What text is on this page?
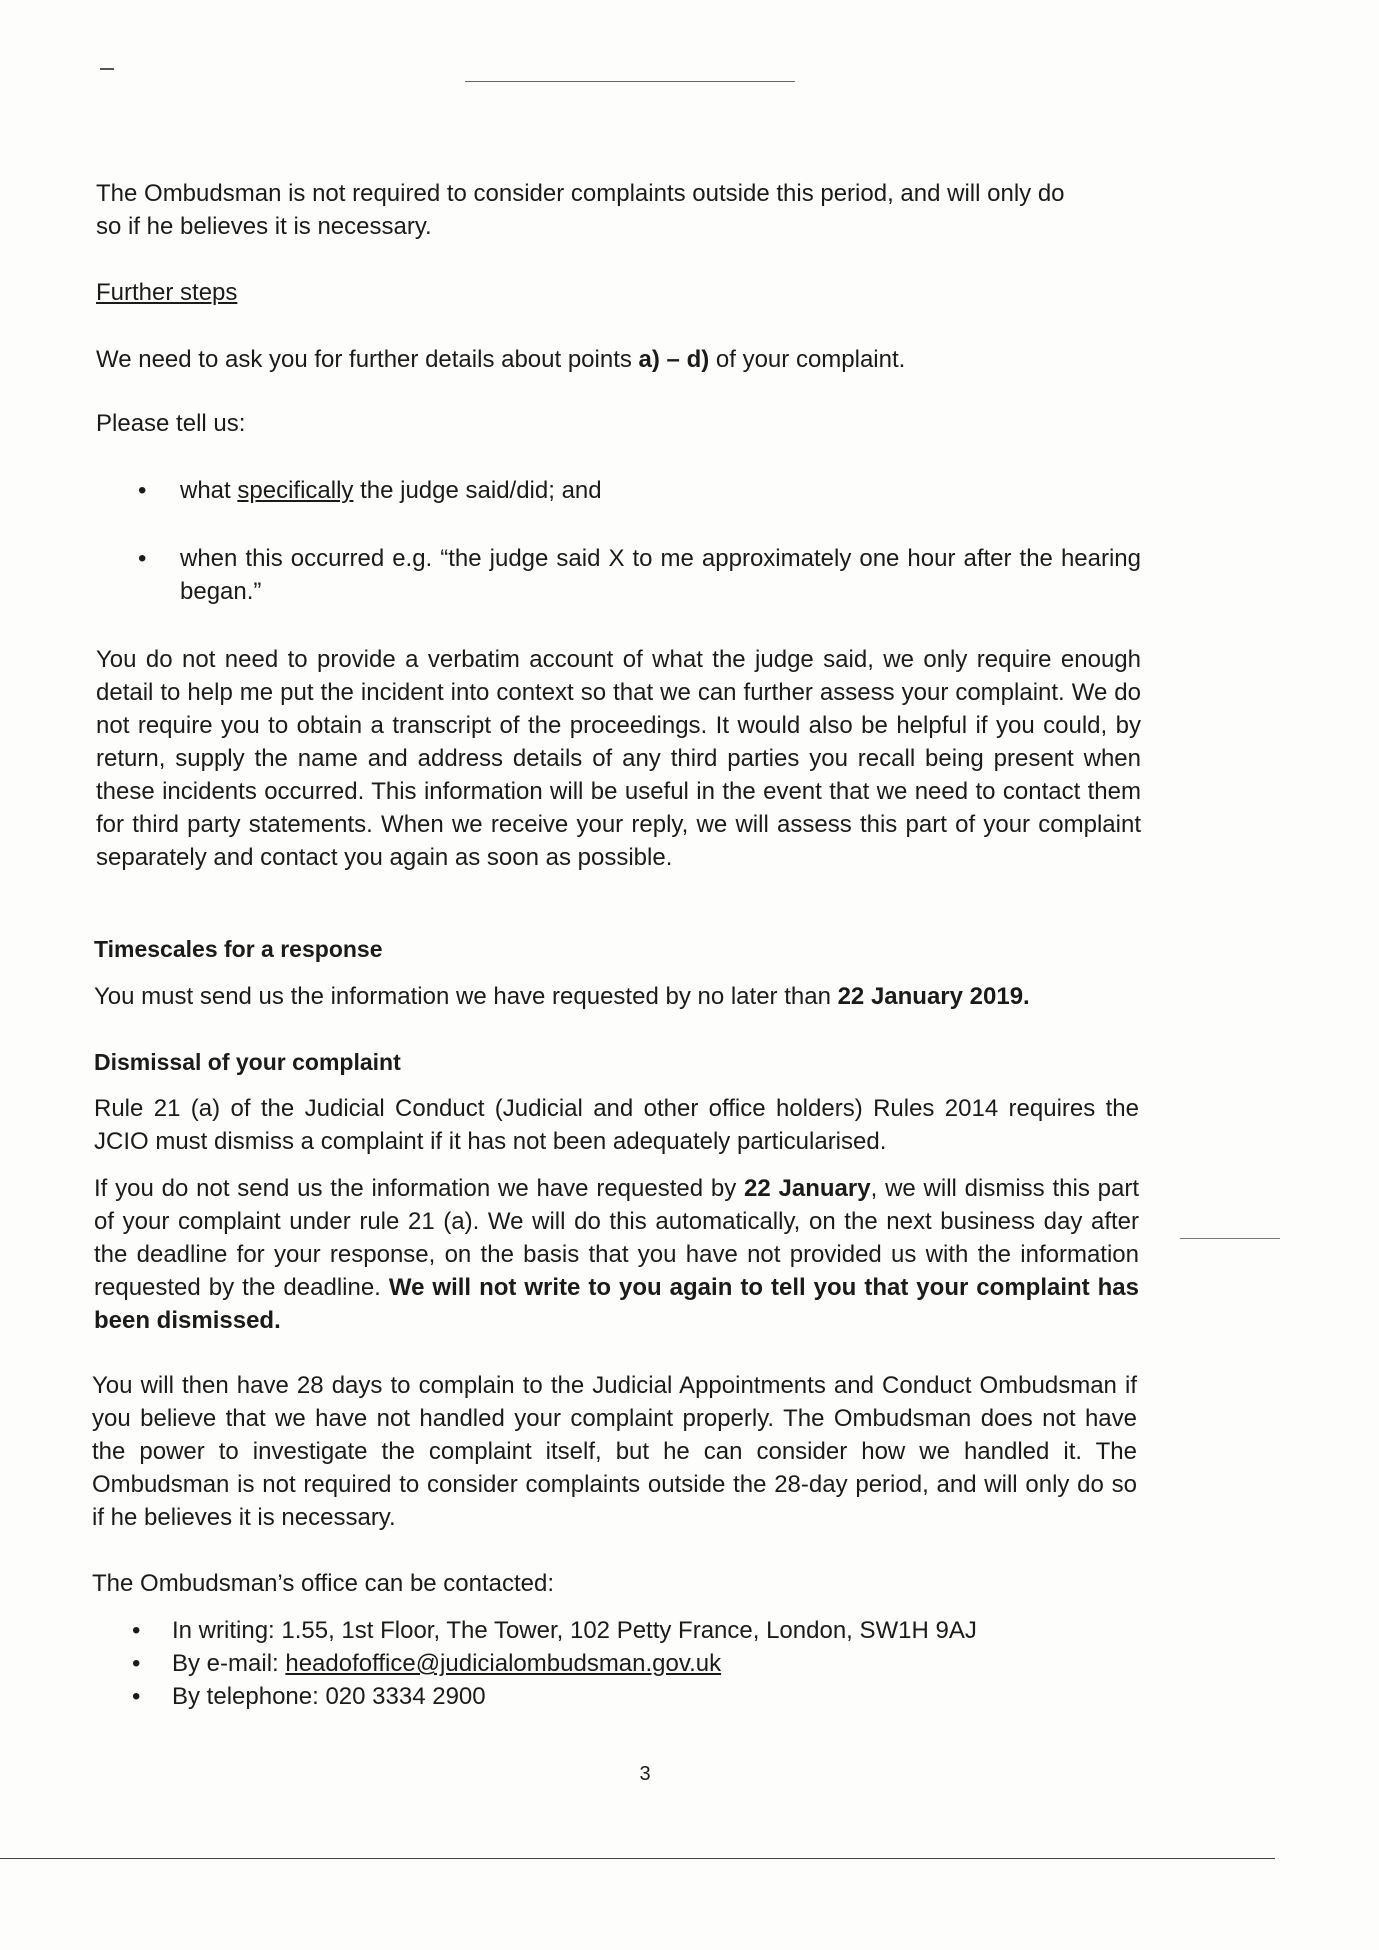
The Ombudsman is not required to consider complaints outside this period, and will only do so if he believes it is necessary.
Further steps
We need to ask you for further details about points a) – d) of your complaint.
Please tell us:
• what specifically the judge said/did; and
• when this occurred e.g. “the judge said X to me approximately one hour after the hearing began.”
You do not need to provide a verbatim account of what the judge said, we only require enough detail to help me put the incident into context so that we can further assess your complaint. We do not require you to obtain a transcript of the proceedings. It would also be helpful if you could, by return, supply the name and address details of any third parties you recall being present when these incidents occurred. This information will be useful in the event that we need to contact them for third party statements. When we receive your reply, we will assess this part of your complaint separately and contact you again as soon as possible.
Timescales for a response
You must send us the information we have requested by no later than 22 January 2019.
Dismissal of your complaint
Rule 21 (a) of the Judicial Conduct (Judicial and other office holders) Rules 2014 requires the JCIO must dismiss a complaint if it has not been adequately particularised.
If you do not send us the information we have requested by 22 January, we will dismiss this part of your complaint under rule 21 (a). We will do this automatically, on the next business day after the deadline for your response, on the basis that you have not provided us with the information requested by the deadline. We will not write to you again to tell you that your complaint has been dismissed.
You will then have 28 days to complain to the Judicial Appointments and Conduct Ombudsman if you believe that we have not handled your complaint properly. The Ombudsman does not have the power to investigate the complaint itself, but he can consider how we handled it. The Ombudsman is not required to consider complaints outside the 28-day period, and will only do so if he believes it is necessary.
The Ombudsman’s office can be contacted:
• In writing: 1.55, 1st Floor, The Tower, 102 Petty France, London, SW1H 9AJ
• By e-mail: headofoffice@judicialombudsman.gov.uk
• By telephone: 020 3334 2900
3
